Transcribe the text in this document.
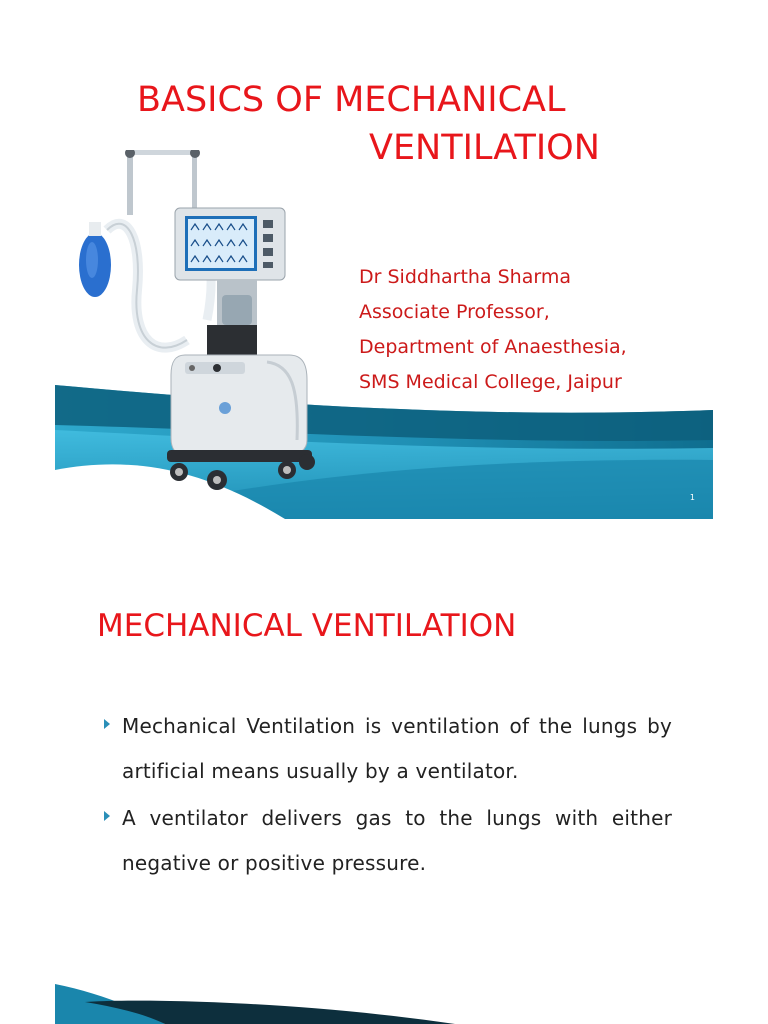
BASICS OF MECHANICAL
VENTILATION
Dr Siddhartha Sharma
Associate Professor,
Department of Anaesthesia,
SMS Medical College, Jaipur
1
MECHANICAL VENTILATION
Mechanical Ventilation is ventilation of the lungs by artificial means usually by a ventilator.
A ventilator delivers gas to the lungs with either negative or positive pressure.
